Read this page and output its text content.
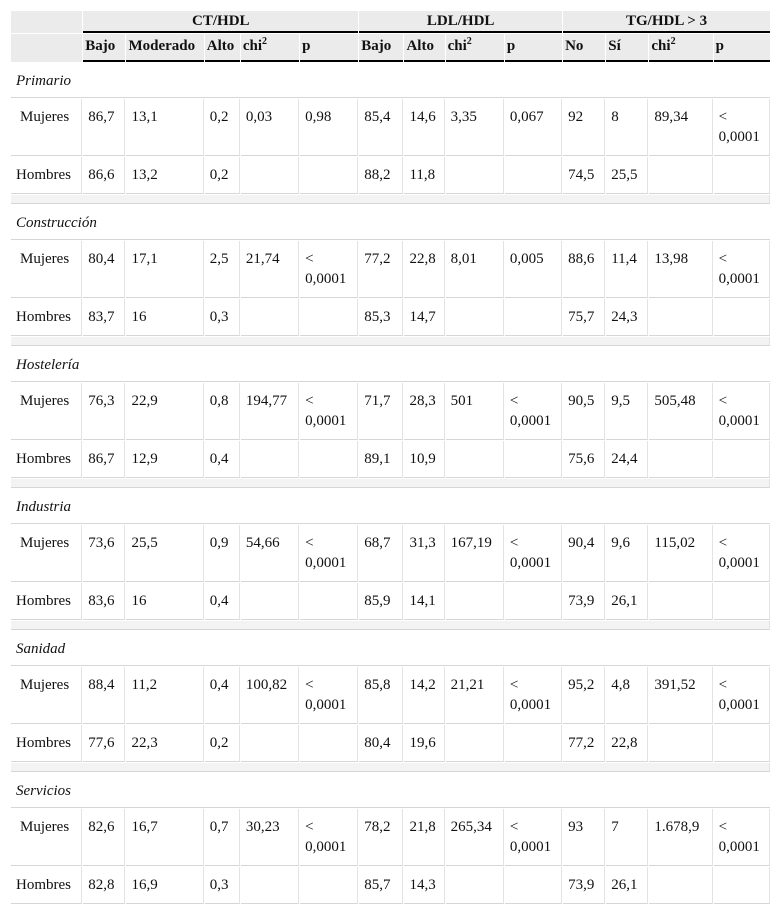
	CT/HDL					LDL/HDL				TG/HDL > 3			
	Bajo	Moderado	Alto	chi$^2$	p	Bajo	Alto	chi$^2$	p	No	Sí	chi$^2$	p
Primario													
Mujeres	86,7	13,1	0,2	0,03	0,98	85,4	14,6	3,35	0,067	92	8	89,34	< 0,0001
Hombres	86,6	13,2	0,2			88,2	11,8			74,5	25,5		

Construcción													
Mujeres	80,4	17,1	2,5	21,74	< 0,0001	77,2	22,8	8,01	0,005	88,6	11,4	13,98	< 0,0001
Hombres	83,7	16	0,3			85,3	14,7			75,7	24,3		

Hostelería													
Mujeres	76,3	22,9	0,8	194,77	< 0,0001	71,7	28,3	501	< 0,0001	90,5	9,5	505,48	< 0,0001
Hombres	86,7	12,9	0,4			89,1	10,9			75,6	24,4		

Industria													
Mujeres	73,6	25,5	0,9	54,66	< 0,0001	68,7	31,3	167,19	< 0,0001	90,4	9,6	115,02	< 0,0001
Hombres	83,6	16	0,4			85,9	14,1			73,9	26,1		

Sanidad													
Mujeres	88,4	11,2	0,4	100,82	< 0,0001	85,8	14,2	21,21	< 0,0001	95,2	4,8	391,52	< 0,0001
Hombres	77,6	22,3	0,2			80,4	19,6			77,2	22,8		

Servicios													
Mujeres	82,6	16,7	0,7	30,23	< 0,0001	78,2	21,8	265,34	< 0,0001	93	7	1.678,9	< 0,0001
Hombres	82,8	16,9	0,3			85,7	14,3			73,9	26,1		
